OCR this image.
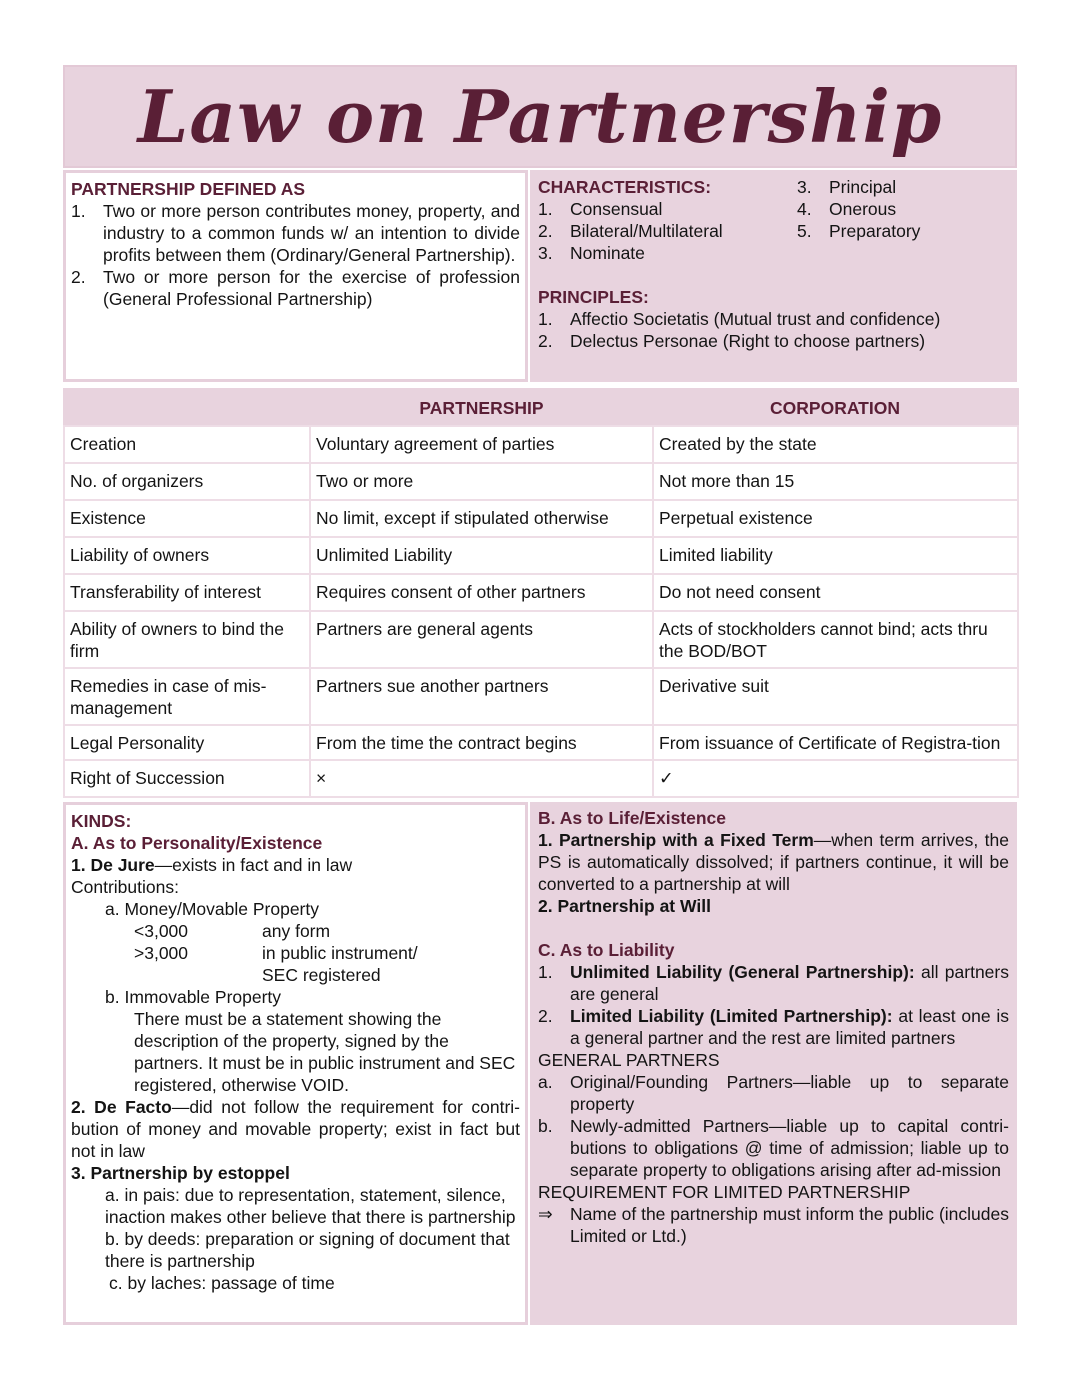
Law on Partnership
PARTNERSHIP DEFINED AS
1. Two or more person contributes money, property, and industry to a common funds w/ an intention to divide profits between them (Ordinary/General Partnership).
2. Two or more person for the exercise of profession (General Professional Partnership)
CHARACTERISTICS:
1. Consensual
2. Bilateral/Multilateral
3. Nominate
3. Principal
4. Onerous
5. Preparatory
PRINCIPLES:
1. Affectio Societatis (Mutual trust and confidence)
2. Delectus Personae (Right to choose partners)
	PARTNERSHIP	CORPORATION
Creation	Voluntary agreement of parties	Created by the state
No. of organizers	Two or more	Not more than 15
Existence	No limit, except if stipulated otherwise	Perpetual existence
Liability of owners	Unlimited Liability	Limited liability
Transferability of interest	Requires consent of other partners	Do not need consent
Ability of owners to bind the firm	Partners are general agents	Acts of stockholders cannot bind; acts thru the BOD/BOT
Remedies in case of mis-management	Partners sue another partners	Derivative suit
Legal Personality	From the time the contract begins	From issuance of Certificate of Registra-tion
Right of Succession	×	✓
KINDS:
A. As to Personality/Existence
1. De Jure—exists in fact and in law
Contributions:
a. Money/Movable Property
<3,000	any form
>3,000	in public instrument/
SEC registered
b. Immovable Property
There must be a statement showing the description of the property, signed by the partners. It must be in public instrument and SEC registered, otherwise VOID.
2. De Facto—did not follow the requirement for contri-bution of money and movable property; exist in fact but not in law
3. Partnership by estoppel
a. in pais: due to representation, statement, silence, inaction makes other believe that there is partnership
b. by deeds: preparation or signing of document that there is partnership
c. by laches: passage of time
B. As to Life/Existence
1. Partnership with a Fixed Term—when term arrives, the PS is automatically dissolved; if partners continue, it will be converted to a partnership at will
2. Partnership at Will
C. As to Liability
1. Unlimited Liability (General Partnership): all partners are general
2. Limited Liability (Limited Partnership): at least one is a general partner and the rest are limited partners
GENERAL PARTNERS
a. Original/Founding Partners—liable up to separate property
b. Newly-admitted Partners—liable up to capital contri-butions to obligations @ time of admission; liable up to separate property to obligations arising after ad-mission
REQUIREMENT FOR LIMITED PARTNERSHIP
⇒ Name of the partnership must inform the public (includes Limited or Ltd.)
